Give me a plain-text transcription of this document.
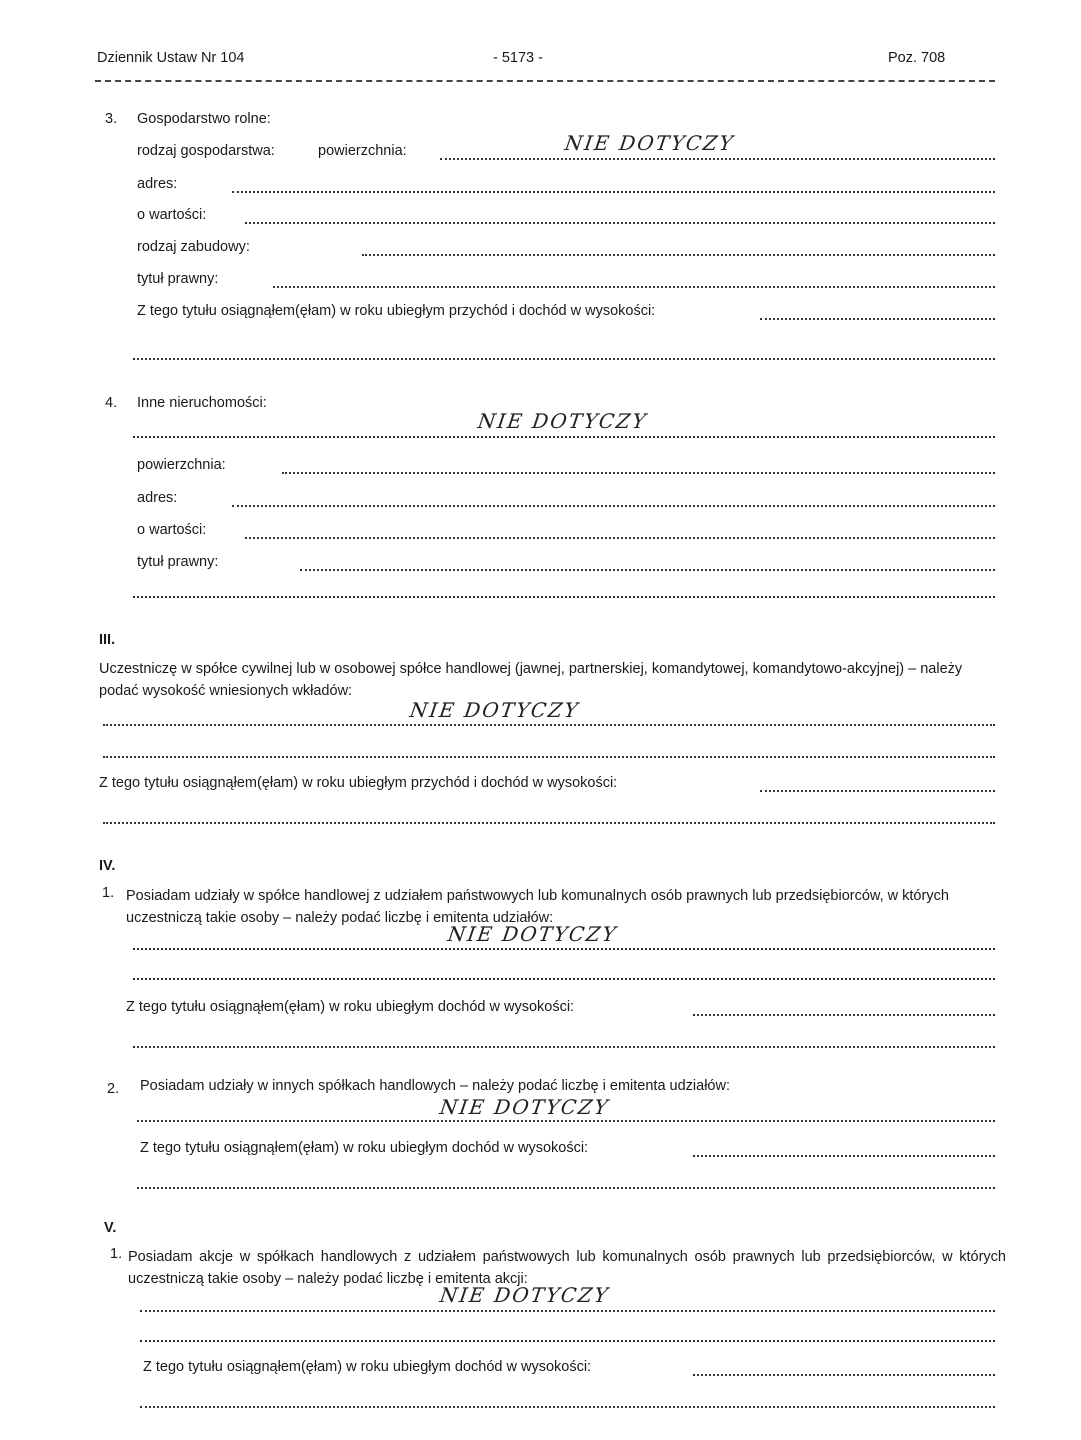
Dziennik Ustaw Nr 104	- 5173 -	Poz. 708
3. Gospodarstwo rolne:
rodzaj gospodarstwa:	powierzchnia:	NIE DOTYCZY
adres:
o wartości:
rodzaj zabudowy:
tytuł prawny:
Z tego tytułu osiągnąłem(ęłam) w roku ubiegłym przychód i dochód w wysokości:
4. Inne nieruchomości:
NIE DOTYCZY
powierzchnia:
adres:
o wartości:
tytuł prawny:
III.
Uczestniczę w spółce cywilnej lub w osobowej spółce handlowej (jawnej, partnerskiej, komandytowej, komandytowo-akcyjnej) – należy podać wysokość wniesionych wkładów:
NIE DOTYCZY
Z tego tytułu osiągnąłem(ęłam) w roku ubiegłym przychód i dochód w wysokości:
IV.
1. Posiadam udziały w spółce handlowej z udziałem państwowych lub komunalnych osób prawnych lub przedsiębiorców, w których uczestniczą takie osoby – należy podać liczbę i emitenta udziałów:
NIE DOTYCZY
Z tego tytułu osiągnąłem(ęłam) w roku ubiegłym dochód w wysokości:
2. Posiadam udziały w innych spółkach handlowych – należy podać liczbę i emitenta udziałów:
NIE DOTYCZY
Z tego tytułu osiągnąłem(ęłam) w roku ubiegłym dochód w wysokości:
V.
1. Posiadam akcje w spółkach handlowych z udziałem państwowych lub komunalnych osób prawnych lub przedsiębiorców, w których uczestniczą takie osoby – należy podać liczbę i emitenta akcji:
NIE DOTYCZY
Z tego tytułu osiągnąłem(ęłam) w roku ubiegłym dochód w wysokości:
